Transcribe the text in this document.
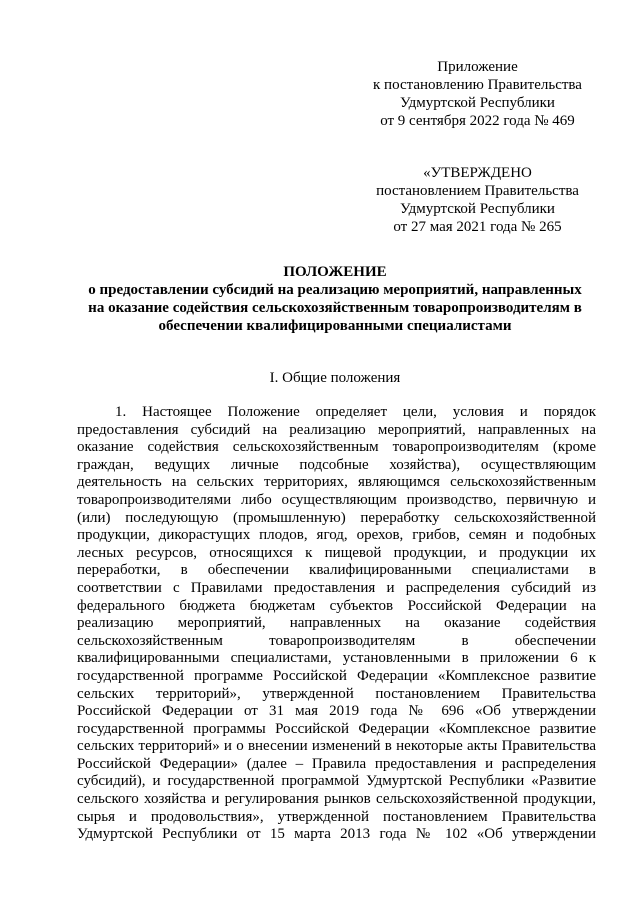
Приложение
к постановлению Правительства
Удмуртской Республики
от 9 сентября 2022 года № 469
«УТВЕРЖДЕНО
постановлением Правительства
Удмуртской Республики
от 27 мая 2021 года № 265
ПОЛОЖЕНИЕ
о предоставлении субсидий на реализацию мероприятий, направленных
на оказание содействия сельскохозяйственным товаропроизводителям в
обеспечении квалифицированными специалистами
I. Общие положения
1. Настоящее Положение определяет цели, условия и порядок
предоставления субсидий на реализацию мероприятий, направленных на
оказание содействия сельскохозяйственным товаропроизводителям (кроме
граждан, ведущих личные подсобные хозяйства), осуществляющим
деятельность на сельских территориях, являющимся сельскохозяйственным
товаропроизводителями либо осуществляющим производство, первичную и
(или) последующую (промышленную) переработку сельскохозяйственной
продукции, дикорастущих плодов, ягод, орехов, грибов, семян и подобных
лесных ресурсов, относящихся к пищевой продукции, и продукции их
переработки, в обеспечении квалифицированными специалистами в
соответствии с Правилами предоставления и распределения субсидий из
федерального бюджета бюджетам субъектов Российской Федерации на
реализацию мероприятий, направленных на оказание содействия
сельскохозяйственным товаропроизводителям в обеспечении
квалифицированными специалистами, установленными в приложении 6 к
государственной программе Российской Федерации «Комплексное развитие
сельских территорий», утвержденной постановлением Правительства
Российской Федерации от 31 мая 2019 года № 696 «Об утверждении
государственной программы Российской Федерации «Комплексное развитие
сельских территорий» и о внесении изменений в некоторые акты Правительства
Российской Федерации» (далее – Правила предоставления и распределения
субсидий), и государственной программой Удмуртской Республики «Развитие
сельского хозяйства и регулирования рынков сельскохозяйственной продукции,
сырья и продовольствия», утвержденной постановлением Правительства
Удмуртской Республики от 15 марта 2013 года № 102 «Об утверждении
